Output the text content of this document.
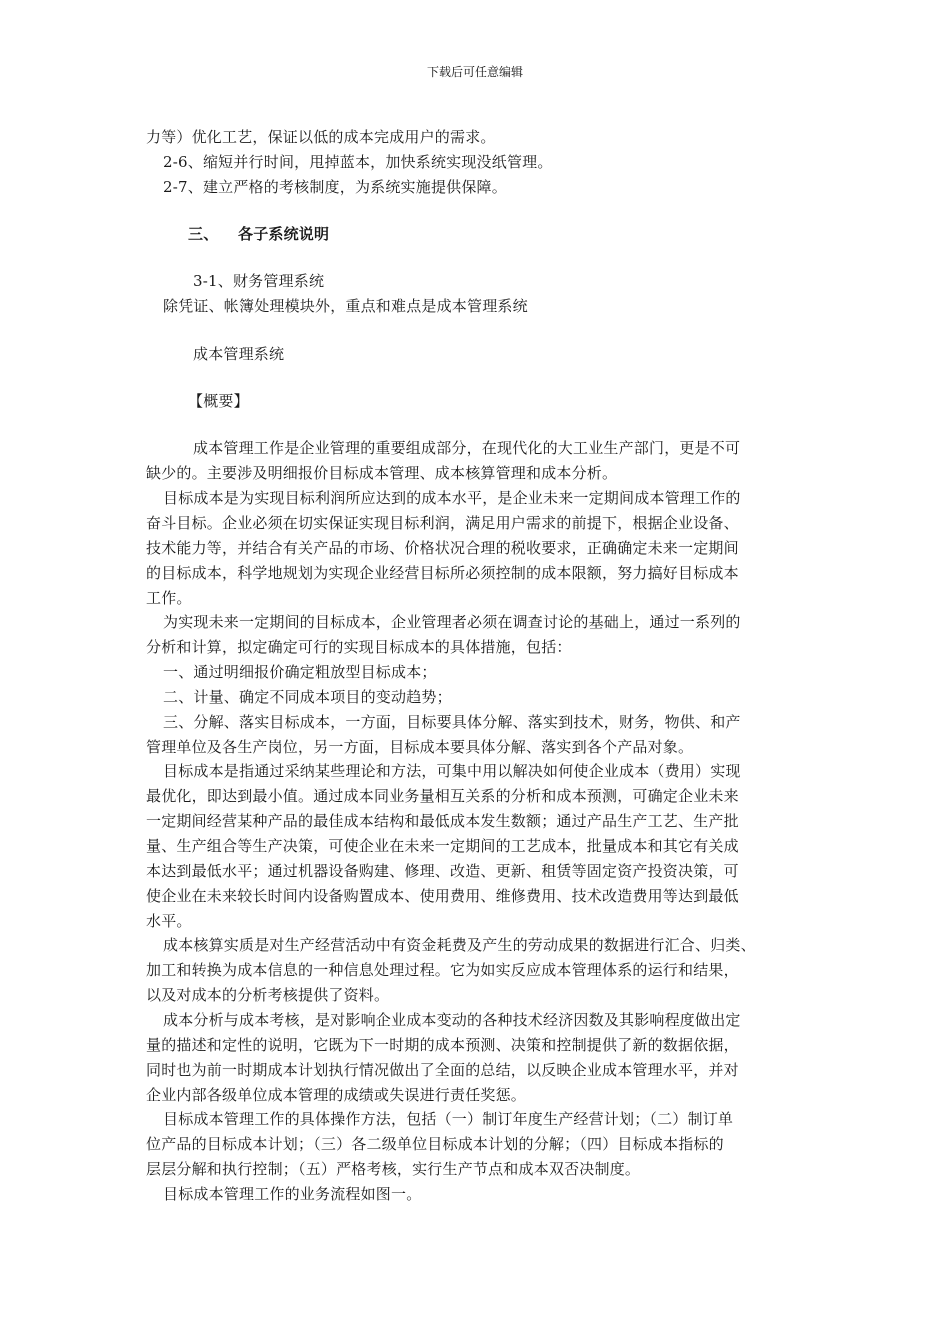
下载后可任意编辑
力等）优化工艺，保证以低的成本完成用户的需求。
2-6、缩短并行时间，甩掉蓝本，加快系统实现没纸管理。
2-7、建立严格的考核制度，为系统实施提供保障。
三、 各子系统说明
3-1、财务管理系统
除凭证、帐簿处理模块外，重点和难点是成本管理系统
成本管理系统
【概要】
成本管理工作是企业管理的重要组成部分，在现代化的大工业生产部门，更是不可
缺少的。主要涉及明细报价目标成本管理、成本核算管理和成本分析。
目标成本是为实现目标利润所应达到的成本水平，是企业未来一定期间成本管理工作的
奋斗目标。企业必须在切实保证实现目标利润，满足用户需求的前提下，根据企业设备、
技术能力等，并结合有关产品的市场、价格状况合理的税收要求，正确确定未来一定期间
的目标成本，科学地规划为实现企业经营目标所必须控制的成本限额，努力搞好目标成本
工作。
为实现未来一定期间的目标成本，企业管理者必须在调查讨论的基础上，通过一系列的
分析和计算，拟定确定可行的实现目标成本的具体措施，包括：
一、通过明细报价确定粗放型目标成本；
二、计量、确定不同成本项目的变动趋势；
三、分解、落实目标成本，一方面，目标要具体分解、落实到技术，财务，物供、和产
管理单位及各生产岗位，另一方面，目标成本要具体分解、落实到各个产品对象。
目标成本是指通过采纳某些理论和方法，可集中用以解决如何使企业成本（费用）实现
最优化，即达到最小值。通过成本同业务量相互关系的分析和成本预测，可确定企业未来
一定期间经营某种产品的最佳成本结构和最低成本发生数额；通过产品生产工艺、生产批
量、生产组合等生产决策，可使企业在未来一定期间的工艺成本，批量成本和其它有关成
本达到最低水平；通过机器设备购建、修理、改造、更新、租赁等固定资产投资决策，可
使企业在未来较长时间内设备购置成本、使用费用、维修费用、技术改造费用等达到最低
水平。
成本核算实质是对生产经营活动中有资金耗费及产生的劳动成果的数据进行汇合、归类、
加工和转换为成本信息的一种信息处理过程。它为如实反应成本管理体系的运行和结果，
以及对成本的分析考核提供了资料。
成本分析与成本考核，是对影响企业成本变动的各种技术经济因数及其影响程度做出定
量的描述和定性的说明，它既为下一时期的成本预测、决策和控制提供了新的数据依据，
同时也为前一时期成本计划执行情况做出了全面的总结，以反映企业成本管理水平，并对
企业内部各级单位成本管理的成绩或失误进行责任奖惩。
目标成本管理工作的具体操作方法，包括（一）制订年度生产经营计划；（二）制订单
位产品的目标成本计划；（三）各二级单位目标成本计划的分解；（四）目标成本指标的
层层分解和执行控制；（五）严格考核，实行生产节点和成本双否决制度。
目标成本管理工作的业务流程如图一。
